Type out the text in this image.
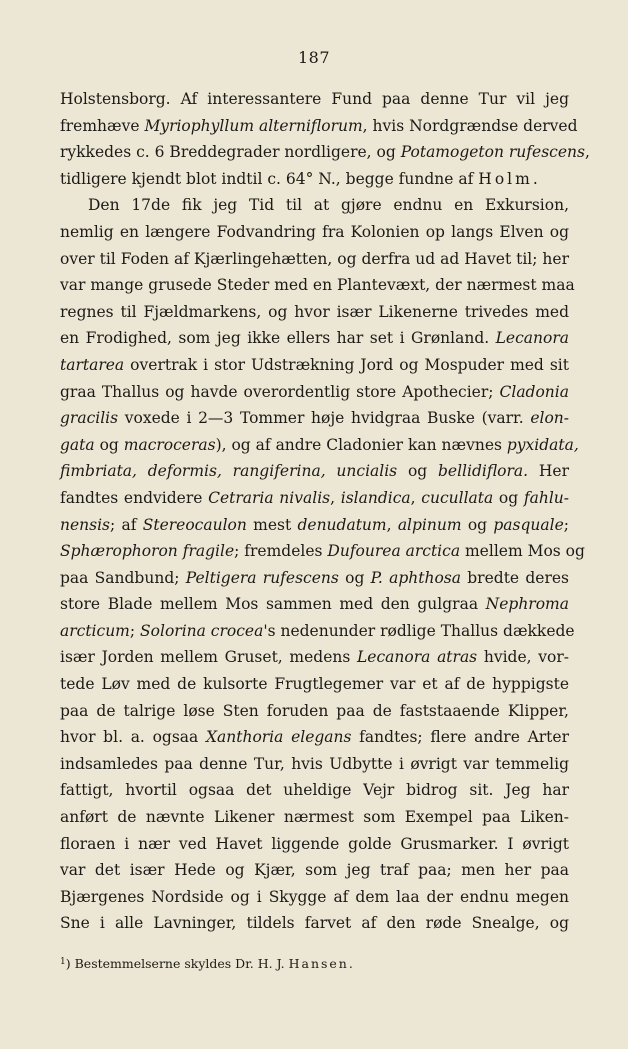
187
Holstensborg. Af interessantere Fund paa denne Tur vil jeg
fremhæve Myriophyllum alterniflorum, hvis Nordgrændse derved
rykkedes c. 6 Breddegrader nordligere, og Potamogeton rufescens,
tidligere kjendt blot indtil c. 64° N., begge fundne af Holm.
Den 17de fik jeg Tid til at gjøre endnu en Exkursion,
nemlig en længere Fodvandring fra Kolonien op langs Elven og
over til Foden af Kjærlingehætten, og derfra ud ad Havet til; her
var mange grusede Steder med en Plantevæxt, der nærmest maa
regnes til Fjældmarkens, og hvor især Likenerne trivedes med
en Frodighed, som jeg ikke ellers har set i Grønland. Lecanora
tartarea overtrak i stor Udstrækning Jord og Mospuder med sit
graa Thallus og havde overordentlig store Apothecier; Cladonia
gracilis voxede i 2—3 Tommer høje hvidgraa Buske (varr. elon-
gata og macroceras), og af andre Cladonier kan nævnes pyxidata,
fimbriata, deformis, rangiferina, uncialis og bellidiflora. Her
fandtes endvidere Cetraria nivalis, islandica, cucullata og fahlu-
nensis; af Stereocaulon mest denudatum, alpinum og pasquale;
Sphærophoron fragile; fremdeles Dufourea arctica mellem Mos og
paa Sandbund; Peltigera rufescens og P. aphthosa bredte deres
store Blade mellem Mos sammen med den gulgraa Nephroma
arcticum; Solorina crocea's nedenunder rødlige Thallus dækkede
især Jorden mellem Gruset, medens Lecanora atras hvide, vor-
tede Løv med de kulsorte Frugtlegemer var et af de hyppigste
paa de talrige løse Sten foruden paa de faststaaende Klipper,
hvor bl. a. ogsaa Xanthoria elegans fandtes; flere andre Arter
indsamledes paa denne Tur, hvis Udbytte i øvrigt var temmelig
fattigt, hvortil ogsaa det uheldige Vejr bidrog sit. Jeg har
anført de nævnte Likener nærmest som Exempel paa Liken-
floraen i nær ved Havet liggende golde Grusmarker. I øvrigt
var det især Hede og Kjær, som jeg traf paa; men her paa
Bjærgenes Nordside og i Skygge af dem laa der endnu megen
Sne i alle Lavninger, tildels farvet af den røde Snealge, og
$^1$) Bestemmelserne skyldes Dr. H. J. Hansen.
